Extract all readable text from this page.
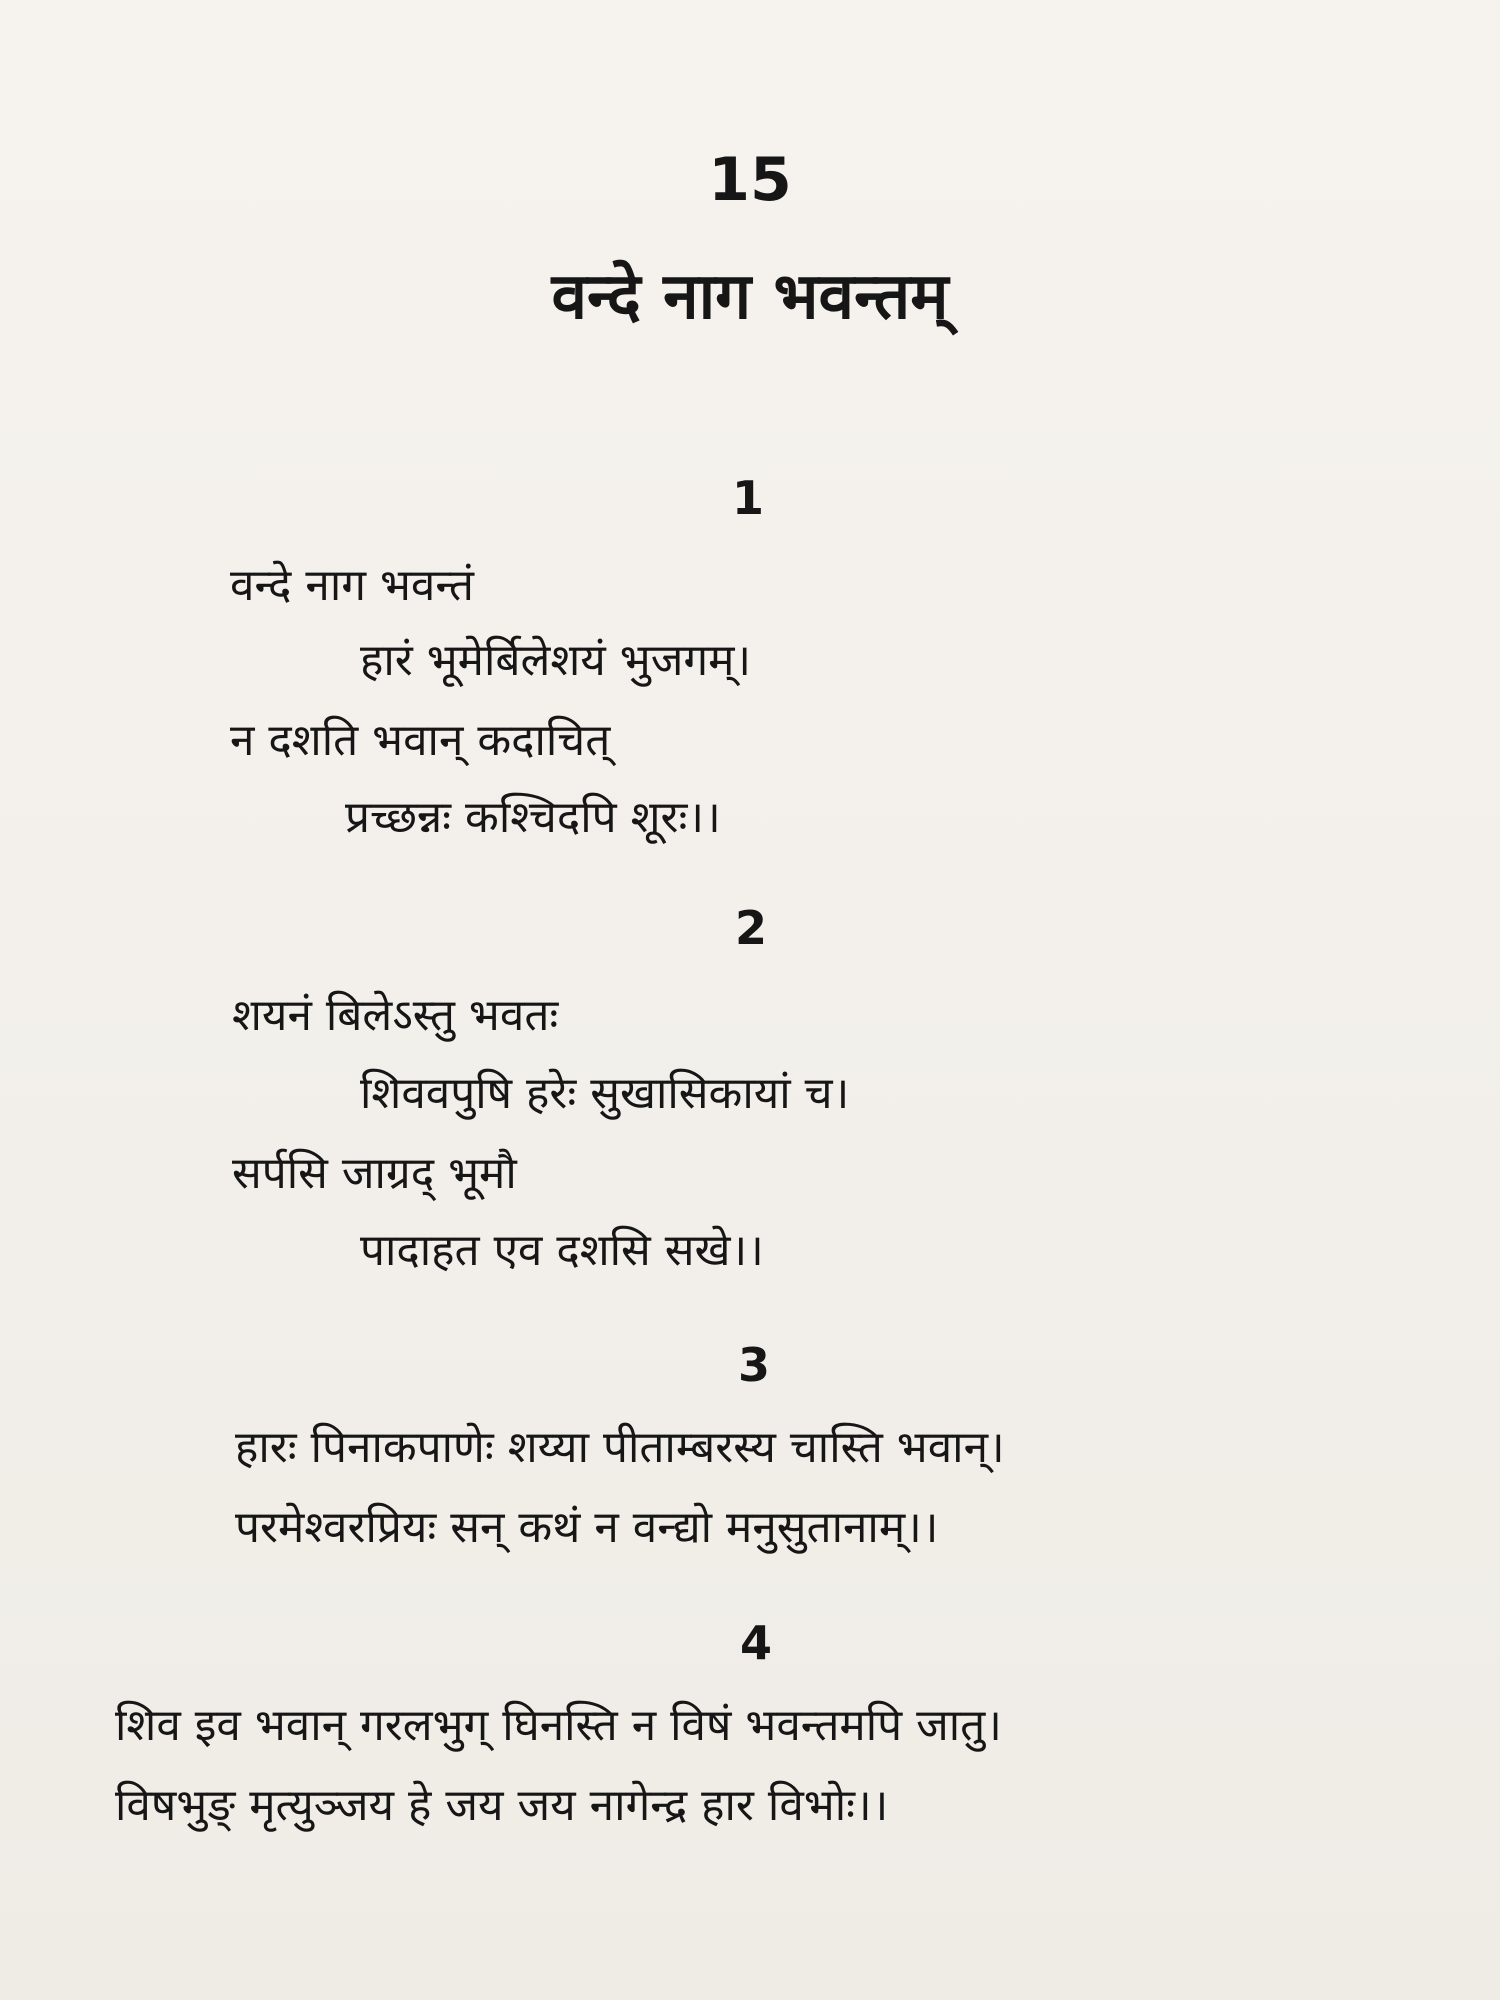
15
वन्दे नाग भवन्तम्
1
वन्दे नाग भवन्तं
हारं भूमेर्बिलेशयं भुजगम्।
न दशति भवान् कदाचित्
प्रच्छन्नः कश्चिदपि शूरः।।
2
शयनं बिलेऽस्तु भवतः
शिववपुषि हरेः सुखासिकायां च।
सर्पसि जाग्रद् भूमौ
पादाहत एव दशसि सखे।।
3
हारः पिनाकपाणेः शय्या पीताम्बरस्य चास्ति भवान्।
परमेश्वरप्रियः सन् कथं न वन्द्यो मनुसुतानाम्।।
4
शिव इव भवान् गरलभुग् घिनस्ति न विषं भवन्तमपि जातु।
विषभुङ् मृत्युञ्जय हे जय जय नागेन्द्र हार विभोः।।
